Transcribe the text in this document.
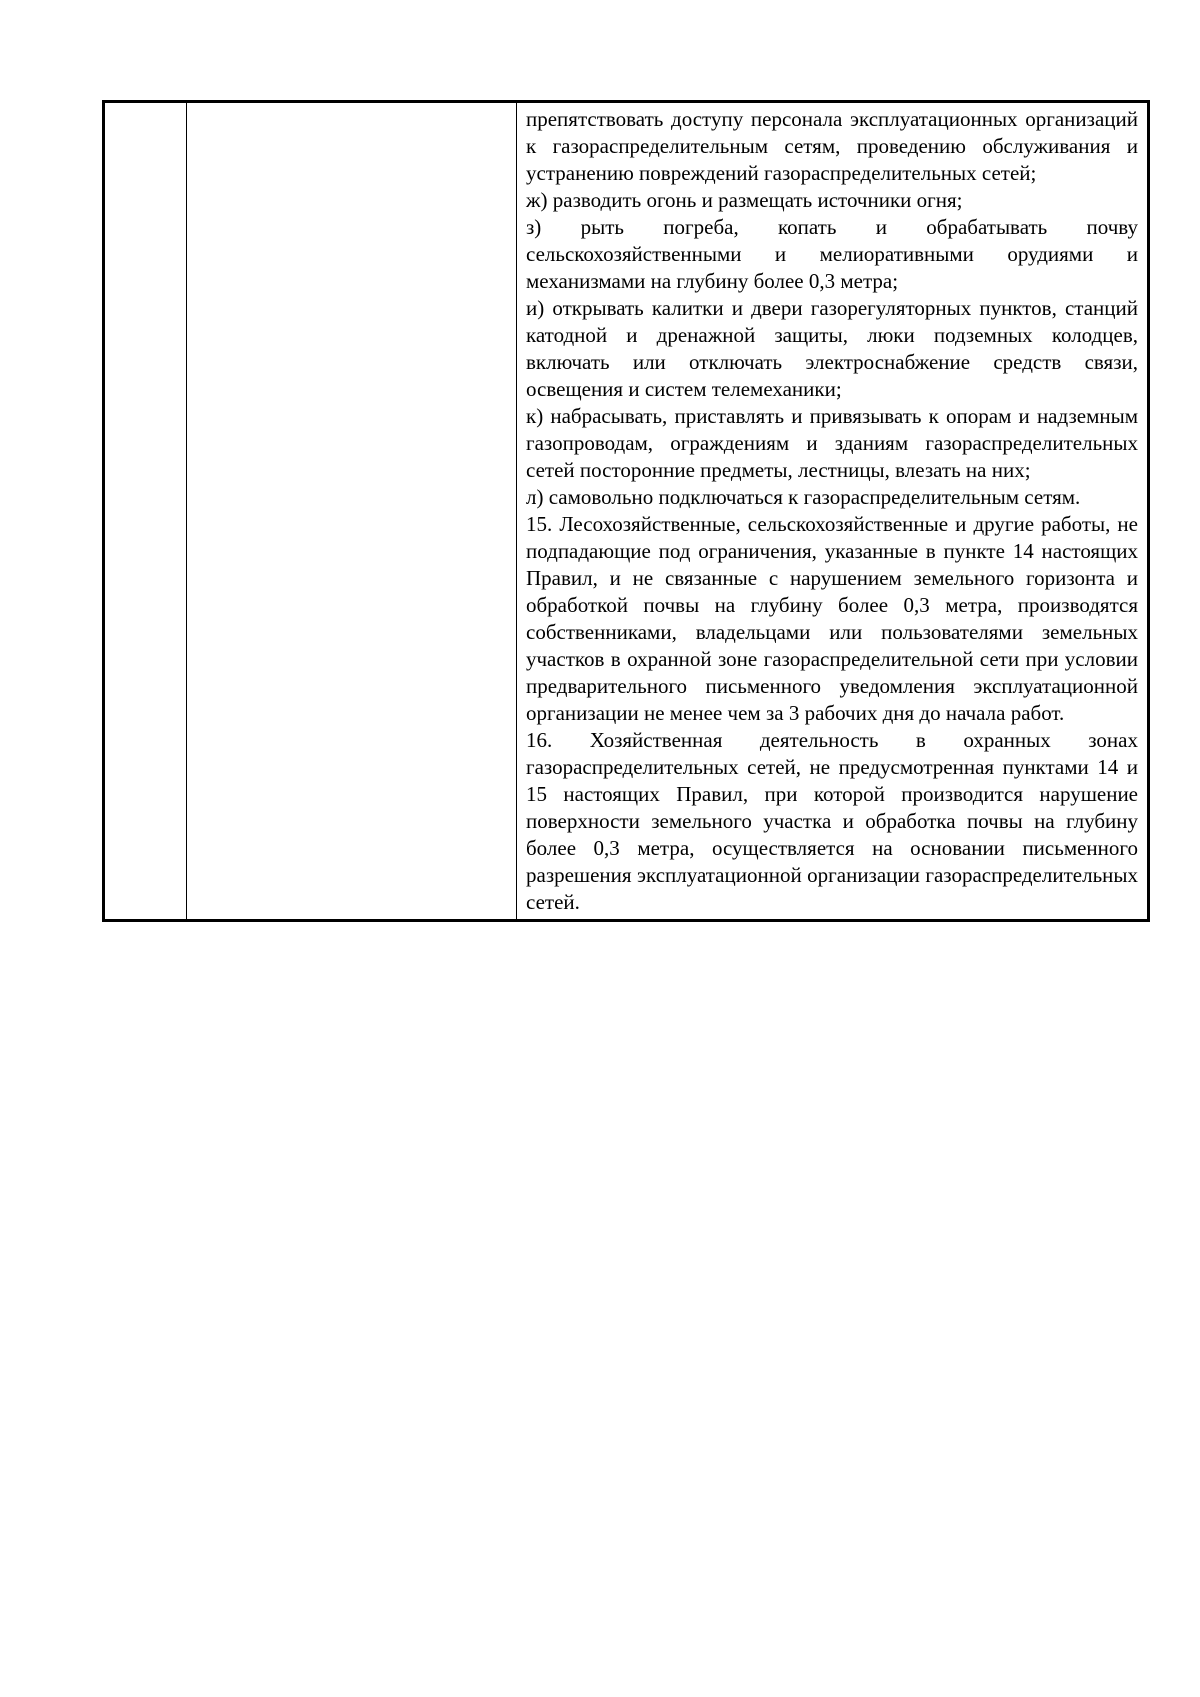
препятствовать доступу персонала эксплуатационных организаций к газораспределительным сетям, проведению обслуживания и устранению повреждений газораспределительных сетей;

ж) разводить огонь и размещать источники огня;

з) рыть погреба, копать и обрабатывать почву сельскохозяйственными и мелиоративными орудиями и механизмами на глубину более 0,3 метра;

и) открывать калитки и двери газорегуляторных пунктов, станций катодной и дренажной защиты, люки подземных колодцев, включать или отключать электроснабжение средств связи, освещения и систем телемеханики;

к) набрасывать, приставлять и привязывать к опорам и надземным газопроводам, ограждениям и зданиям газораспределительных сетей посторонние предметы, лестницы, влезать на них;

л) самовольно подключаться к газораспределительным сетям.

15. Лесохозяйственные, сельскохозяйственные и другие работы, не подпадающие под ограничения, указанные в пункте 14 настоящих Правил, и не связанные с нарушением земельного горизонта и обработкой почвы на глубину более 0,3 метра, производятся собственниками, владельцами или пользователями земельных участков в охранной зоне газораспределительной сети при условии предварительного письменного уведомления эксплуатационной организации не менее чем за 3 рабочих дня до начала работ.

16. Хозяйственная деятельность в охранных зонах газораспределительных сетей, не предусмотренная пунктами 14 и 15 настоящих Правил, при которой производится нарушение поверхности земельного участка и обработка почвы на глубину более 0,3 метра, осуществляется на основании письменного разрешения эксплуатационной организации газораспределительных сетей.
